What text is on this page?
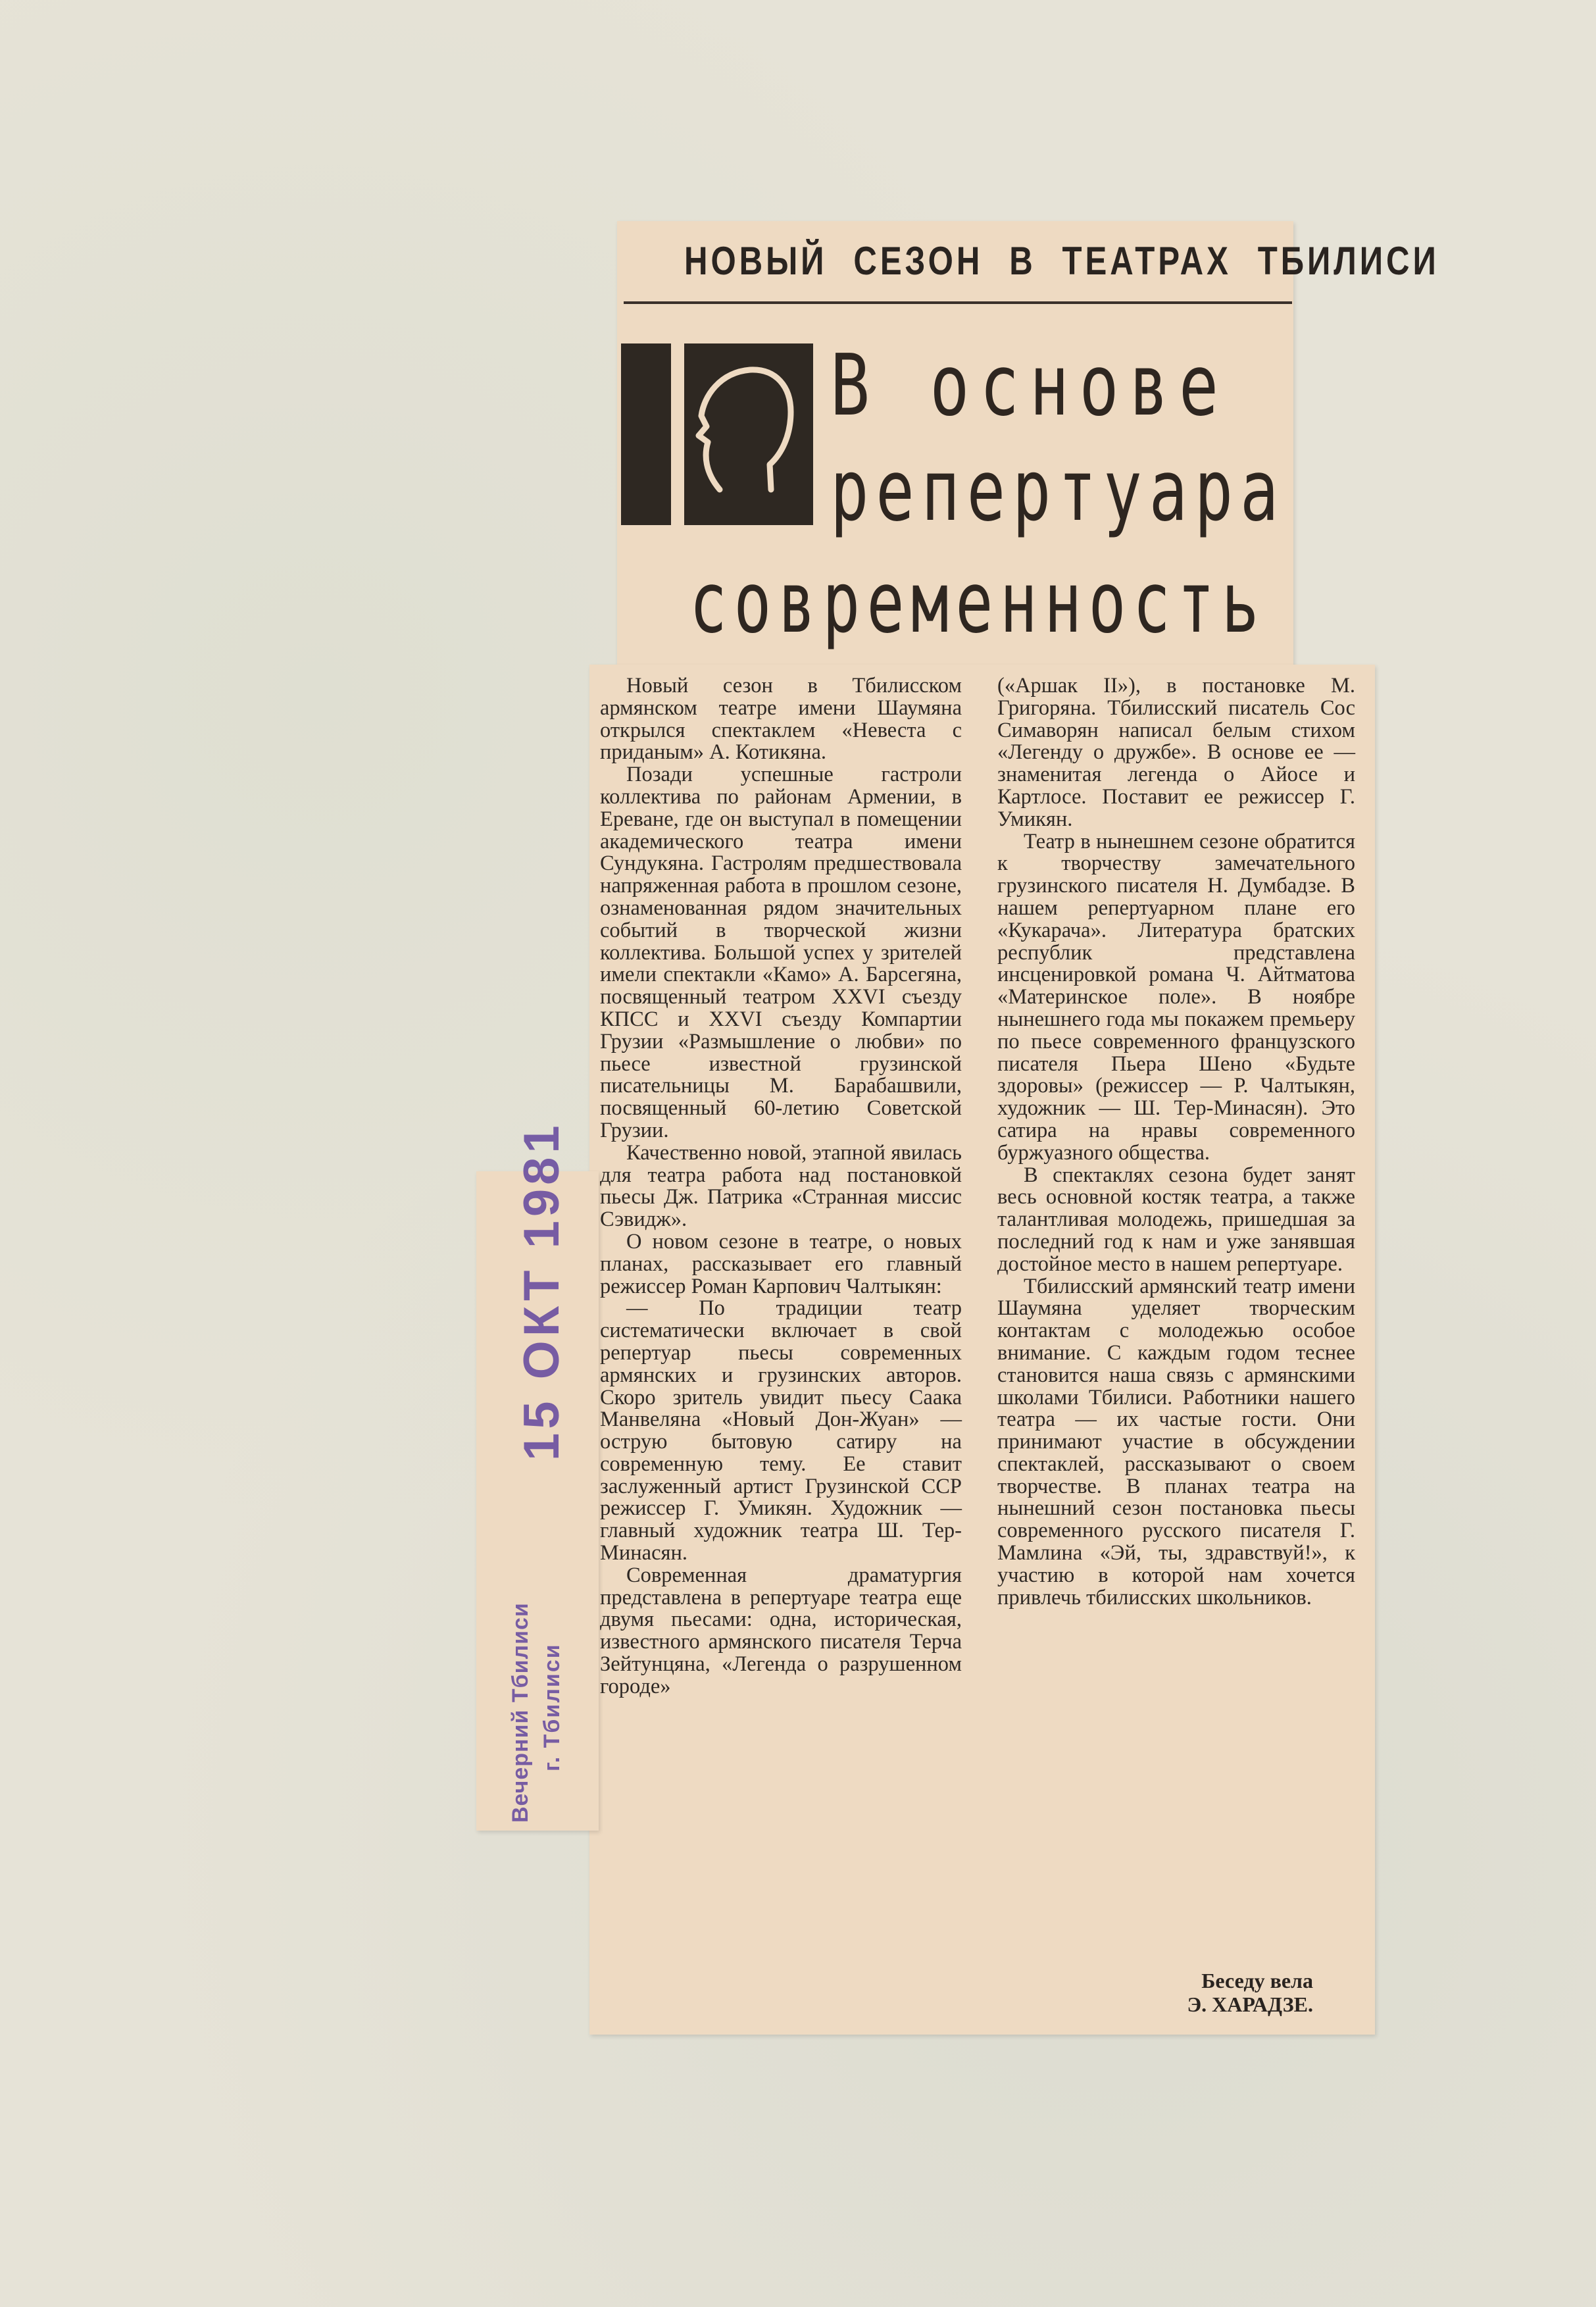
НОВЫЙ СЕЗОН В ТЕАТРАХ ТБИЛИСИ
В основе
репертуара
современность

Новый сезон в Тбилисском армянском театре имени Шаумяна открылся спектаклем «Невеста с приданым» А. Котикяна.

Позади успешные гастроли коллектива по районам Армении, в Ереване, где он выступал в помещении академического театра имени Сундукяна. Гастролям предшествовала напряженная работа в прошлом сезоне, ознаменованная рядом значительных событий в творческой жизни коллектива. Большой успех у зрителей имели спектакли «Камо» А. Барсегяна, посвященный театром XXVI съезду КПСС и XXVI съезду Компартии Грузии «Размышление о любви» по пьесе известной грузинской писательницы М. Барабашвили, посвященный 60-летию Советской Грузии.

Качественно новой, этапной явилась для театра работа над постановкой пьесы Дж. Патрика «Странная миссис Сэвидж».

О новом сезоне в театре, о новых планах, рассказывает его главный режиссер Роман Карпович Чалтыкян:

— По традиции театр систематически включает в свой репертуар пьесы современных армянских и грузинских авторов. Скоро зритель увидит пьесу Саака Манвеляна «Новый Дон-Жуан» — острую бытовую сатиру на современную тему. Ее ставит заслуженный артист Грузинской ССР режиссер Г. Умикян. Художник — главный художник театра Ш. Тер-Минасян.

Современная драматургия представлена в репертуаре театра еще двумя пьесами: одна, историческая, известного армянского писателя Терча Зейтунцяна, «Легенда о разрушенном городе»

(«Аршак II»), в постановке М. Григоряна. Тбилисский писатель Сос Симаворян написал белым стихом «Легенду о дружбе». В основе ее — знаменитая легенда о Айосе и Картлосе. Поставит ее режиссер Г. Умикян.

Театр в нынешнем сезоне обратится к творчеству замечательного грузинского писателя Н. Думбадзе. В нашем репертуарном плане его «Кукарача». Литература братских республик представлена инсценировкой романа Ч. Айтматова «Материнское поле». В ноябре нынешнего года мы покажем премьеру по пьесе современного французского писателя Пьера Шено «Будьте здоровы» (режиссер — Р. Чалтыкян, художник — Ш. Тер-Минасян). Это сатира на нравы современного буржуазного общества.

В спектаклях сезона будет занят весь основной костяк театра, а также талантливая молодежь, пришедшая за последний год к нам и уже занявшая достойное место в нашем репертуаре.

Тбилисский армянский театр имени Шаумяна уделяет творческим контактам с молодежью особое внимание. С каждым годом теснее становится наша связь с армянскими школами Тбилиси. Работники нашего театра — их частые гости. Они принимают участие в обсуждении спектаклей, рассказывают о своем творчестве. В планах театра на нынешний сезон постановка пьесы современного русского писателя Г. Мамлина «Эй, ты, здравствуй!», к участию в которой нам хочется привлечь тбилисских школьников.

Беседу вела
Э. ХАРАДЗЕ.
15 ОКТ 1981
Вечерний Тбилиси г. Тбилиси
